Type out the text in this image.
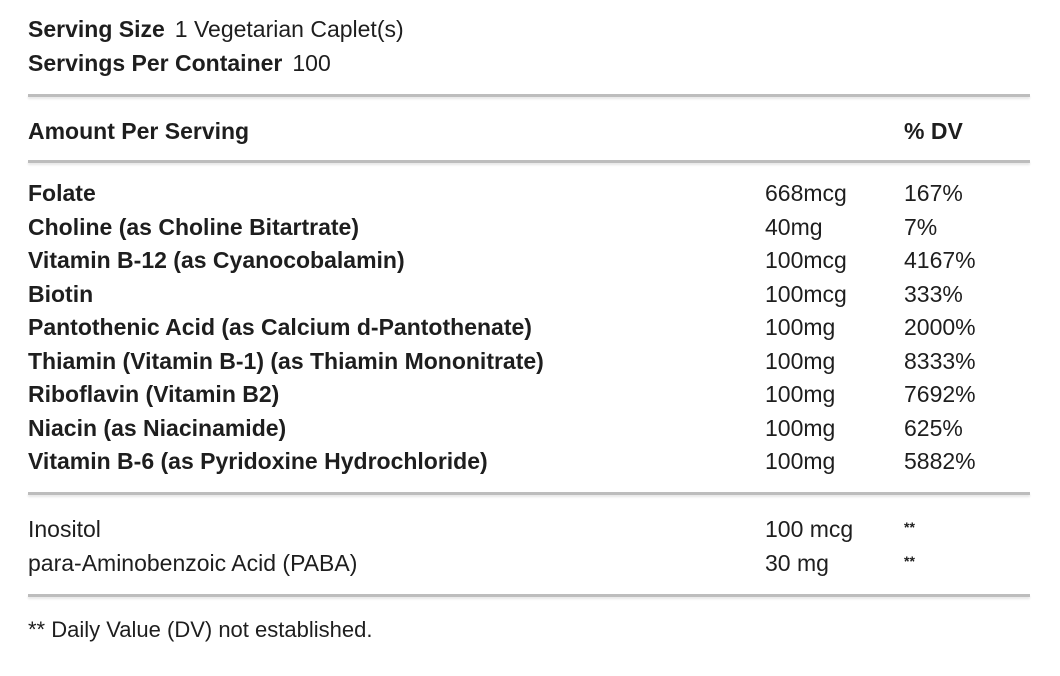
Serving Size 1 Vegetarian Caplet(s)
Servings Per Container 100
Amount Per Serving	% DV
Folate	668mcg 167%
Choline (as Choline Bitartrate)	40mg	7%
Vitamin B-12 (as Cyanocobalamin)	100mcg 4167%
Biotin	100mcg 333%
Pantothenic Acid (as Calcium d-Pantothenate)	100mg	2000%
Thiamin (Vitamin B-1) (as Thiamin Mononitrate)	100mg	8333%
Riboflavin (Vitamin B2)	100mg	7692%
Niacin (as Niacinamide)	100mg	625%
Vitamin B-6 (as Pyridoxine Hydrochloride)	100mg	5882%
Inositol	100 mcg	**
para-Aminobenzoic Acid (PABA)	30 mg	**
** Daily Value (DV) not established.
